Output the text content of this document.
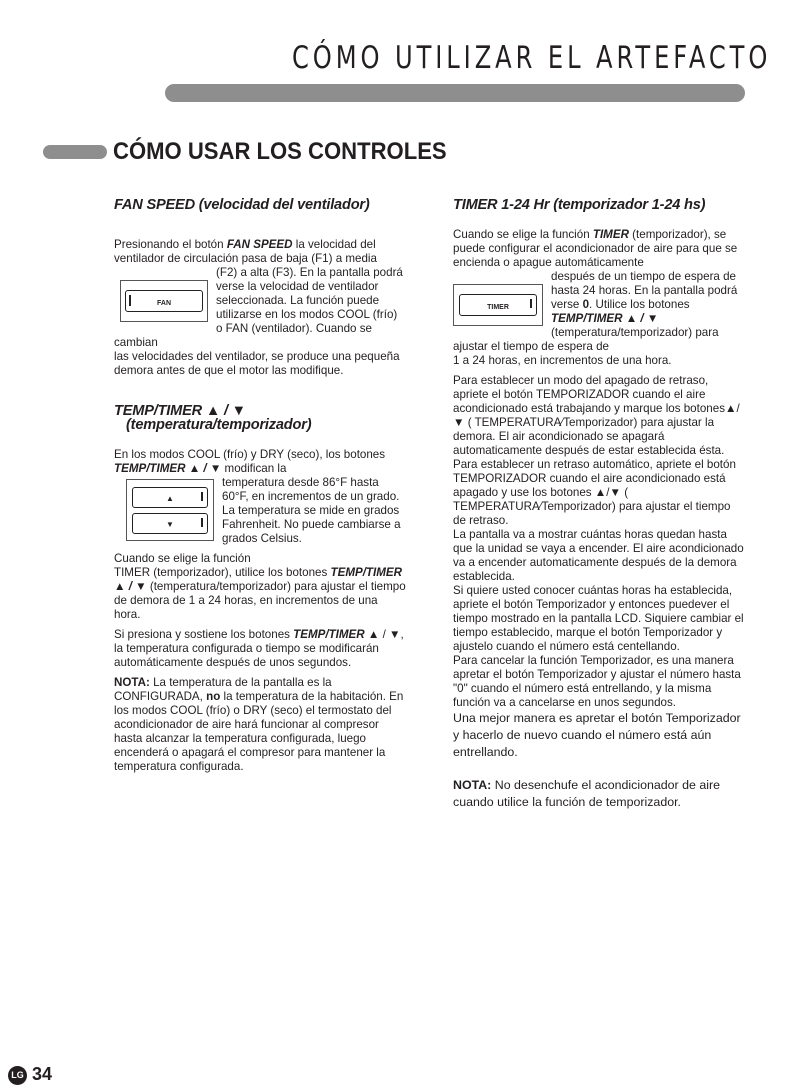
CÓMO UTILIZAR EL ARTEFACTO
CÓMO USAR LOS CONTROLES
FAN SPEED (velocidad del ventilador)

Presionando el botón FAN SPEED la velocidad del ventilador de circulación pasa de baja (F1) a media

FAN

(F2) a alta (F3). En la pantalla podrá verse la velocidad de ventilador seleccionada. La función puede utilizarse en los modos COOL (frío) o FAN (ventilador). Cuando se cambian

las velocidades del ventilador, se produce una pequeña demora antes de que el motor las modifique.

TEMP/TIMER ▲ / ▼
(temperatura/temporizador)

En los modos COOL (frío) y DRY (seco), los botones TEMP/TIMER ▲ / ▼ modifican la

▲
▼

temperatura desde 86°F hasta 60°F, en incrementos de un grado. La temperatura se mide en grados Fahrenheit. No puede cambiarse a grados Celsius.

Cuando se elige la función

TIMER (temporizador), utilice los botones TEMP/TIMER ▲ / ▼ (temperatura/temporizador) para ajustar el tiempo de demora de 1 a 24 horas, en incrementos de una hora.

Si presiona y sostiene los botones TEMP/TIMER ▲ / ▼, la temperatura configurada o tiempo se modificarán automáticamente después de unos segundos.

NOTA: La temperatura de la pantalla es la CONFIGURADA, no la temperatura de la habitación. En los modos COOL (frío) o DRY (seco) el termostato del acondicionador de aire hará funcionar al compresor hasta alcanzar la temperatura configurada, luego encenderá o apagará el compresor para mantener la temperatura configurada.

TIMER 1-24 Hr (temporizador 1-24 hs)

Cuando se elige la función TIMER (temporizador), se puede configurar el acondicionador de aire para que se encienda o apague automáticamente

TIMER

después de un tiempo de espera de hasta 24 horas. En la pantalla podrá verse 0. Utilice los botones TEMP/TIMER ▲ / ▼ (temperatura/temporizador) para ajustar el tiempo de espera de

1 a 24 horas, en incrementos de una hora.

Para establecer un modo del apagado de retraso, apriete el botón TEMPORIZADOR cuando el aire acondicionado está trabajando y marque los botones▲/▼ ( TEMPERATURA⁄Temporizador) para ajustar la demora. El air acondicionado se apagará automaticamente después de estar establecida ésta.

Para establecer un retraso automático, apriete el botón TEMPORIZADOR cuando el aire acondicionado está apagado y use los botones ▲/▼ ( TEMPERATURA⁄Temporizador) para ajustar el tiempo de retraso.

La pantalla va a mostrar cuántas horas quedan hasta que la unidad se vaya a encender. El aire acondicionado va a encender automaticamente después de la demora establecida.

Si quiere usted conocer cuántas horas ha establecida, apriete el botón Temporizador y entonces puedever el tiempo mostrado en la pantalla LCD. Siquiere cambiar el tiempo establecido, marque el botón Temporizador y ajustelo cuando el número está centellando.

Para cancelar la función Temporizador, es una manera apretar el botón Temporizador y ajustar el número hasta "0" cuando el número está entrellando, y la misma función va a cancelarse en unos segundos.

Una mejor manera es apretar el botón Temporizador y hacerlo de nuevo cuando el número está aún entrellando.

NOTA: No desenchufe el acondicionador de aire cuando utilice la función de temporizador.

LG 34
